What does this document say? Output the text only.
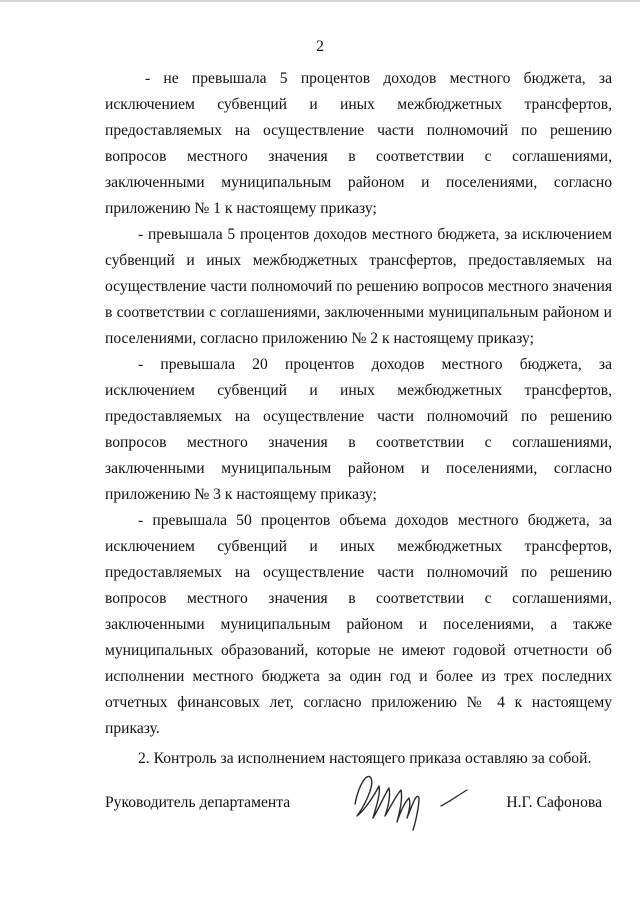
2

- не превышала 5 процентов доходов местного бюджета, за исключением субвенций и иных межбюджетных трансфертов, предоставляемых на осуществление части полномочий по решению вопросов местного значения в соответствии с соглашениями, заключенными муниципальным районом и поселениями, согласно приложению № 1 к настоящему приказу;

- превышала 5 процентов доходов местного бюджета, за исключением субвенций и иных межбюджетных трансфертов, предоставляемых на осуществление части полномочий по решению вопросов местного значения в соответствии с соглашениями, заключенными муниципальным районом и поселениями, согласно приложению № 2 к настоящему приказу;

- превышала 20 процентов доходов местного бюджета, за исключением субвенций и иных межбюджетных трансфертов, предоставляемых на осуществление части полномочий по решению вопросов местного значения в соответствии с соглашениями, заключенными муниципальным районом и поселениями, согласно приложению № 3 к настоящему приказу;

- превышала 50 процентов объема доходов местного бюджета, за исключением субвенций и иных межбюджетных трансфертов, предоставляемых на осуществление части полномочий по решению вопросов местного значения в соответствии с соглашениями, заключенными муниципальным районом и поселениями, а также муниципальных образований, которые не имеют годовой отчетности об исполнении местного бюджета за один год и более из трех последних отчетных финансовых лет, согласно приложению № 4 к настоящему приказу.

2. Контроль за исполнением настоящего приказа оставляю за собой.

Руководитель департамента	Н.Г. Сафонова
